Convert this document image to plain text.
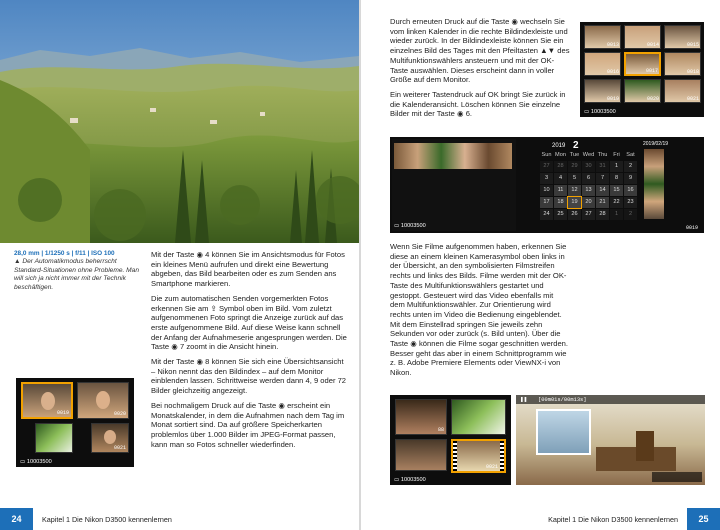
28,0 mm | 1/1250 s | f/11 | ISO 100
▲ Der Automatikmodus beherrscht Standard-Situationen ohne Probleme. Man will sich ja nicht immer mit der Technik beschäftigen.
0019	0020
0021
▭ 10003500

Mit der Taste ◉ 4 können Sie im Ansichtsmodus für Fotos ein kleines Menü aufrufen und direkt eine Bewertung abgeben, das Bild bearbeiten oder es zum Senden ans Smartphone markieren.

Die zum automatischen Senden vorgemerkten Fotos erkennen Sie am ⇪ Symbol oben im Bild. Vom zuletzt aufgenommenen Foto springt die Anzeige zurück auf das erste aufgenommene Bild. Auf diese Weise kann schnell der Anfang der Aufnahmeserie angesprungen werden. Die Taste ◉ 7 zoomt in die Ansicht hinein.

Mit der Taste ◉ 8 können Sie sich eine Übersichtsansicht – Nikon nennt das den Bildindex – auf dem Monitor einblenden lassen. Schrittweise werden dann 4, 9 oder 72 Bilder gleichzeitig angezeigt.

Bei nochmaligem Druck auf die Taste ◉ erscheint ein Monatskalender, in dem die Aufnahmen nach dem Tag im Monat sortiert sind. Da auf größere Speicherkarten problemlos über 1.000 Bilder im JPEG-Format passen, kann man so Fotos schneller wiederfinden.

24	Kapitel 1 Die Nikon D3500 kennenlernen

Durch erneuten Druck auf die Taste ◉ wechseln Sie vom linken Kalender in die rechte Bildindexleiste und wieder zurück. In der Bildindexleiste können Sie ein einzelnes Bild des Tages mit den Pfeiltasten ▲▼ des Multifunktionswählers ansteuern und mit der OK-Taste auswählen. Dieses erscheint dann in voller Größe auf dem Monitor.

Ein weiterer Tastendruck auf OK bringt Sie zurück in die Kalenderansicht. Löschen können Sie einzelne Bilder mit der Taste ◉ 6.

0013	0014	0015
0016	0017	0018
0019	0020	0021
▭ 10003500
▭ 10003500
2019 2	2019/02/19
Sun Mon Tue Wed Thu	Fri	Sat
27	28	29	30	31	1	2
3	4	5	6	7	8	9
10	11	12	13	14	15	16
17	18	19	20	21	22	23
24	25	26	27	28	1	2
0019

Wenn Sie Filme aufgenommen haben, erkennen Sie diese an einem kleinen Kamerasymbol oben links in der Übersicht, an den symbolisierten Filmstreifen rechts und links des Bilds. Filme werden mit der OK-Taste des Multifunktionswählers gestartet und gestoppt. Gesteuert wird das Video ebenfalls mit dem Multifunktionswähler. Zur Orientierung wird rechts unten im Video die Bedienung eingeblendet. Mit dem Einstellrad springen Sie jeweils zehn Sekunden vor oder zurück (s. Bild unten). Über die Taste ◉ können die Filme sogar geschnitten werden. Besser geht das aber in einem Schnittprogramm wie z. B. Adobe Premiere Elements oder ViewNX-i von Nikon.

88
0021
▭ 10003500
❚❚ [00m01s/00m13s]
Kapitel 1 Die Nikon D3500 kennenlernen	25
